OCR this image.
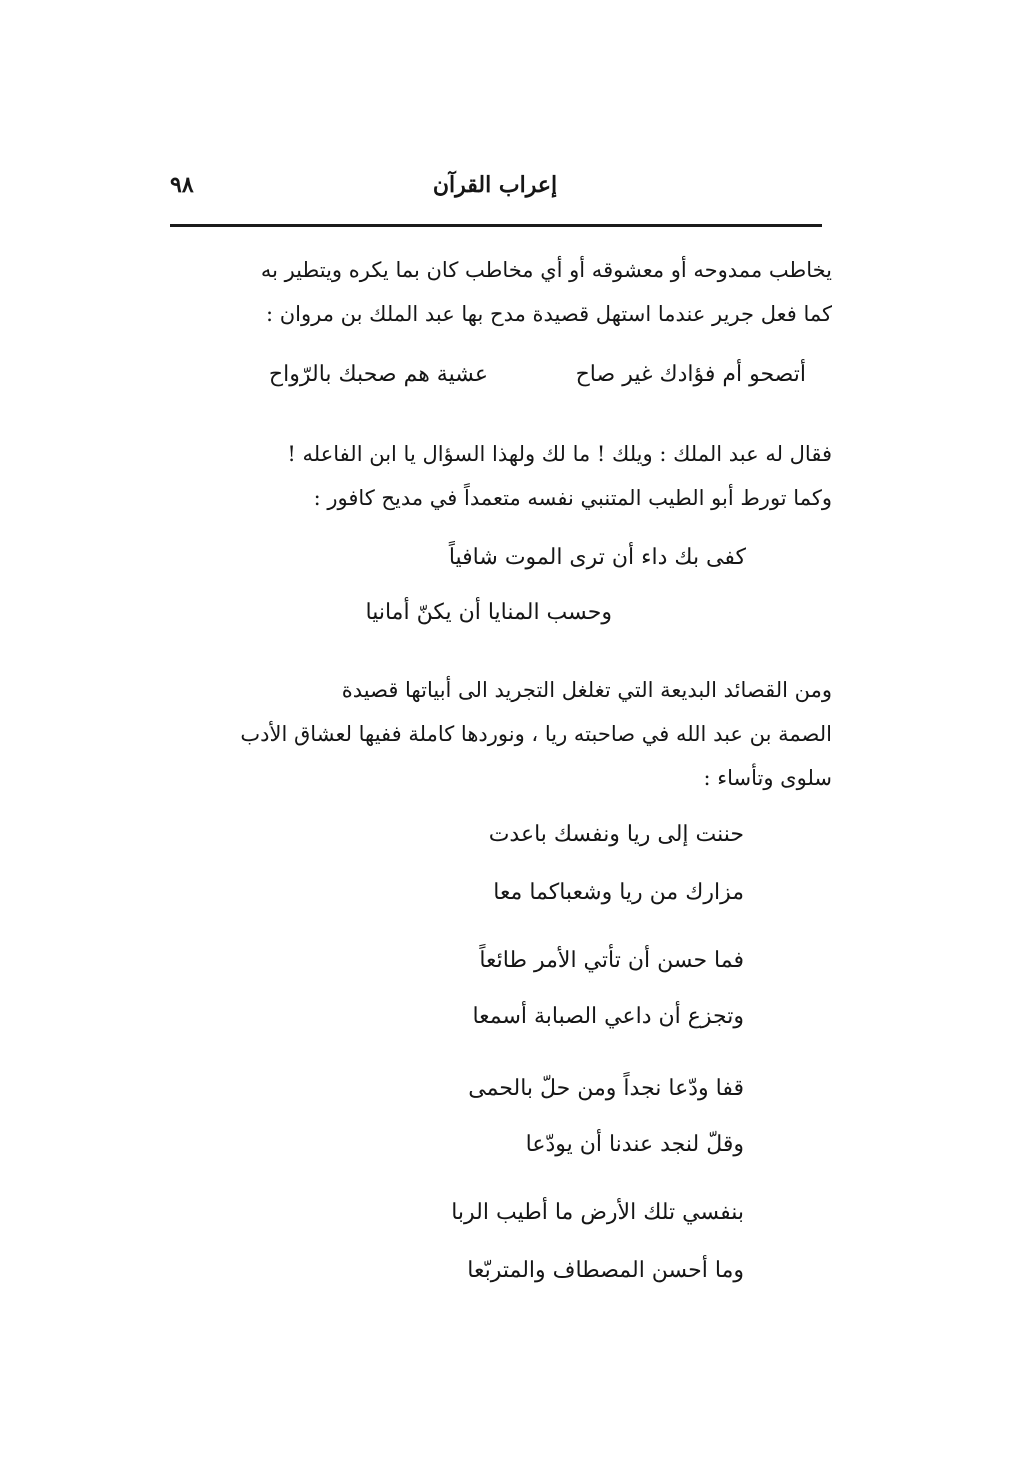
٩٨	إعراب القرآن
يخاطب ممدوحه أو معشوقه أو أي مخاطب كان بما يكره ويتطير به
كما فعل جرير عندما استهل قصيدة مدح بها عبد الملك بن مروان :
أتصحو أم فؤادك غير صاح
عشية هم صحبك بالرّواح
فقال له عبد الملك : ويلك ! ما لك ولهذا السؤال يا ابن الفاعله !
وكما تورط أبو الطيب المتنبي نفسه متعمداً في مديح كافور :
كفى بك داء أن ترى الموت شافياً
وحسب المنايا أن يكنّ أمانيا
ومن القصائد البديعة التي تغلغل التجريد الى أبياتها قصيدة
الصمة بن عبد الله في صاحبته ريا ، ونوردها كاملة ففيها لعشاق الأدب
سلوى وتأساء :
حننت إلى ريا ونفسك باعدت
مزارك من ريا وشعباكما معا
فما حسن أن تأتي الأمر طائعاً
وتجزع أن داعي الصبابة أسمعا
قفا ودّعا نجداً ومن حلّ بالحمى
وقلّ لنجد عندنا أن يودّعا
بنفسي تلك الأرض ما أطيب الربا
وما أحسن المصطاف والمتربّعا
